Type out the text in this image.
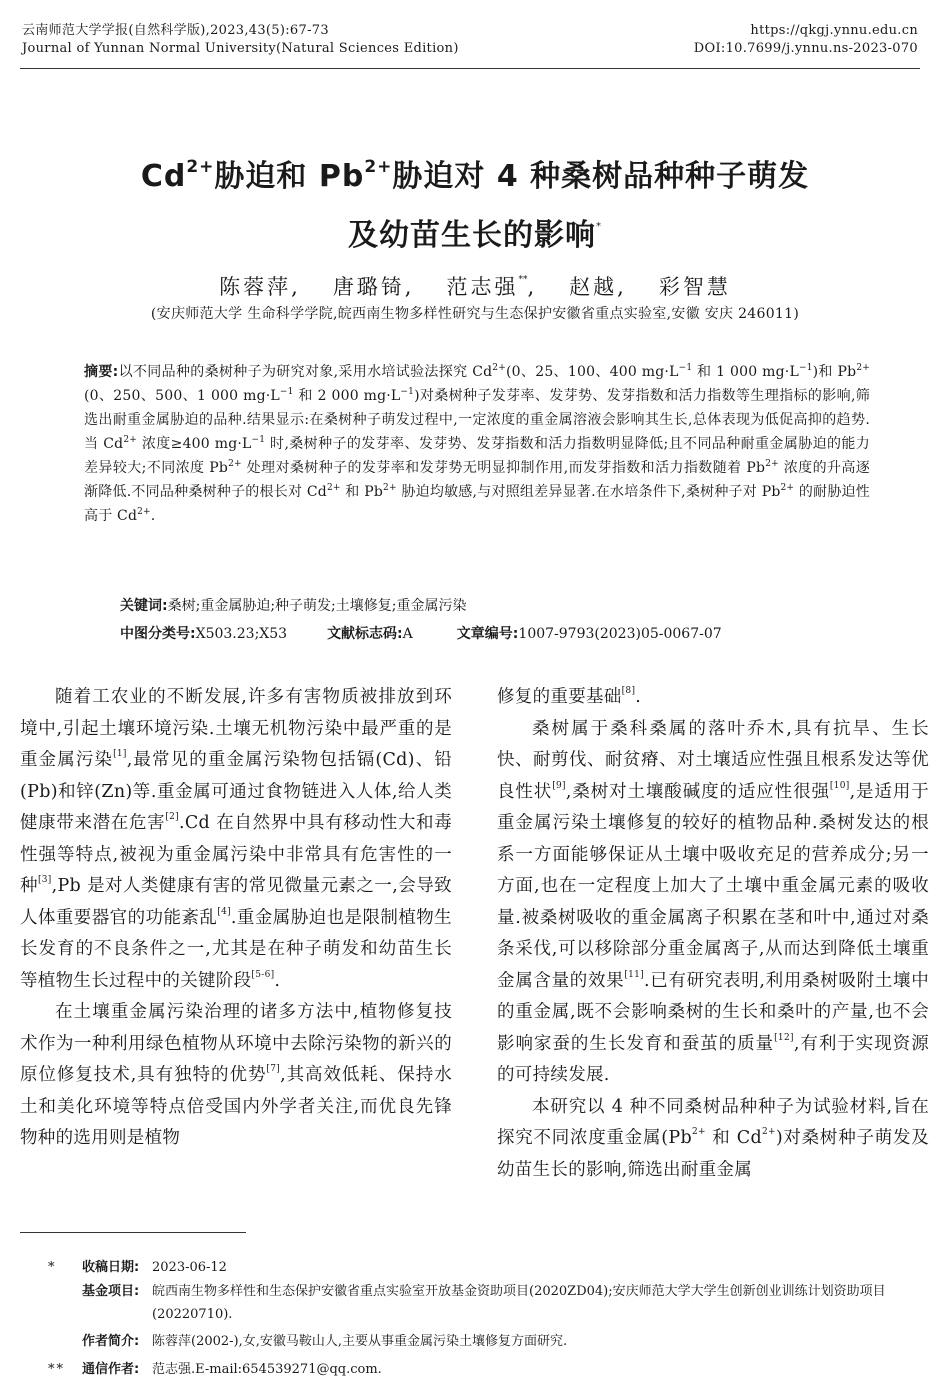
云南师范大学学报(自然科学版),2023,43(5):67-73
Journal of Yunnan Normal University(Natural Sciences Edition)
https://qkgj.ynnu.edu.cn
DOI:10.7699/j.ynnu.ns-2023-070
$Cd^{2+}$胁迫和 $Pb^{2+}$胁迫对 4 种桑树品种种子萌发
及幼苗生长的影响*
陈蓉萍, 唐璐锜, 范志强**, 赵越, 彩智慧
(安庆师范大学 生命科学学院,皖西南生物多样性研究与生态保护安徽省重点实验室,安徽 安庆 246011)
摘要:以不同品种的桑树种子为研究对象,采用水培试验法探究 $Cd^{2+}(0$、25、100、400 $mg\cdot L^{-1}$ 和 1 000 $mg\cdot L^{-1}$)和 $Pb^{2+}(0$、250、500、1 000 $mg\cdot L^{-1}$ 和 2 000 $mg\cdot L^{-1}$)对桑树种子发芽率、发芽势、发芽指数和活力指数等生理指标的影响,筛选出耐重金属胁迫的品种.结果显示:在桑树种子萌发过程中,一定浓度的重金属溶液会影响其生长,总体表现为低促高抑的趋势.当 $Cd^{2+}$ 浓度≥400 $mg\cdot L^{-1}$ 时,桑树种子的发芽率、发芽势、发芽指数和活力指数明显降低;且不同品种耐重金属胁迫的能力差异较大;不同浓度 $Pb^{2+}$ 处理对桑树种子的发芽率和发芽势无明显抑制作用,而发芽指数和活力指数随着 $Pb^{2+}$ 浓度的升高逐渐降低.不同品种桑树种子的根长对 $Cd^{2+}$ 和 $Pb^{2+}$ 胁迫均敏感,与对照组差异显著.在水培条件下,桑树种子对 $Pb^{2+}$ 的耐胁迫性高于 $Cd^{2+}$.
关键词:桑树;重金属胁迫;种子萌发;土壤修复;重金属污染
中图分类号:X503.23;X53	文献标志码:A	文章编号:1007-9793(2023)05-0067-07

随着工农业的不断发展,许多有害物质被排放到环境中,引起土壤环境污染.土壤无机物污染中最严重的是重金属污染[1],最常见的重金属污染物包括镉(Cd)、铅(Pb)和锌(Zn)等.重金属可通过食物链进入人体,给人类健康带来潜在危害[2].Cd 在自然界中具有移动性大和毒性强等特点,被视为重金属污染中非常具有危害性的一种[3],Pb 是对人类健康有害的常见微量元素之一,会导致人体重要器官的功能紊乱[4].重金属胁迫也是限制植物生长发育的不良条件之一,尤其是在种子萌发和幼苗生长等植物生长过程中的关键阶段[5-6].

在土壤重金属污染治理的诸多方法中,植物修复技术作为一种利用绿色植物从环境中去除污染物的新兴的原位修复技术,具有独特的优势[7],其高效低耗、保持水土和美化环境等特点倍受国内外学者关注,而优良先锋物种的选用则是植物

修复的重要基础[8].

桑树属于桑科桑属的落叶乔木,具有抗旱、生长快、耐剪伐、耐贫瘠、对土壤适应性强且根系发达等优良性状[9],桑树对土壤酸碱度的适应性很强[10],是适用于重金属污染土壤修复的较好的植物品种.桑树发达的根系一方面能够保证从土壤中吸收充足的营养成分;另一方面,也在一定程度上加大了土壤中重金属元素的吸收量.被桑树吸收的重金属离子积累在茎和叶中,通过对桑条采伐,可以移除部分重金属离子,从而达到降低土壤重金属含量的效果[11].已有研究表明,利用桑树吸附土壤中的重金属,既不会影响桑树的生长和桑叶的产量,也不会影响家蚕的生长发育和蚕茧的质量[12],有利于实现资源的可持续发展.

本研究以 4 种不同桑树品种种子为试验材料,旨在探究不同浓度重金属($Pb^{2+}$ 和 $Cd^{2+}$)对桑树种子萌发及幼苗生长的影响,筛选出耐重金属

*	收稿日期: 2023-06-12
基金项目: 皖西南生物多样性和生态保护安徽省重点实验室开放基金资助项目(2020ZD04);安庆师范大学大学生创新创业训练计划资助项目(20220710).
作者简介: 陈蓉萍(2002-),女,安徽马鞍山人,主要从事重金属污染土壤修复方面研究.
**	通信作者: 范志强.E-mail:654539271@qq.com.
